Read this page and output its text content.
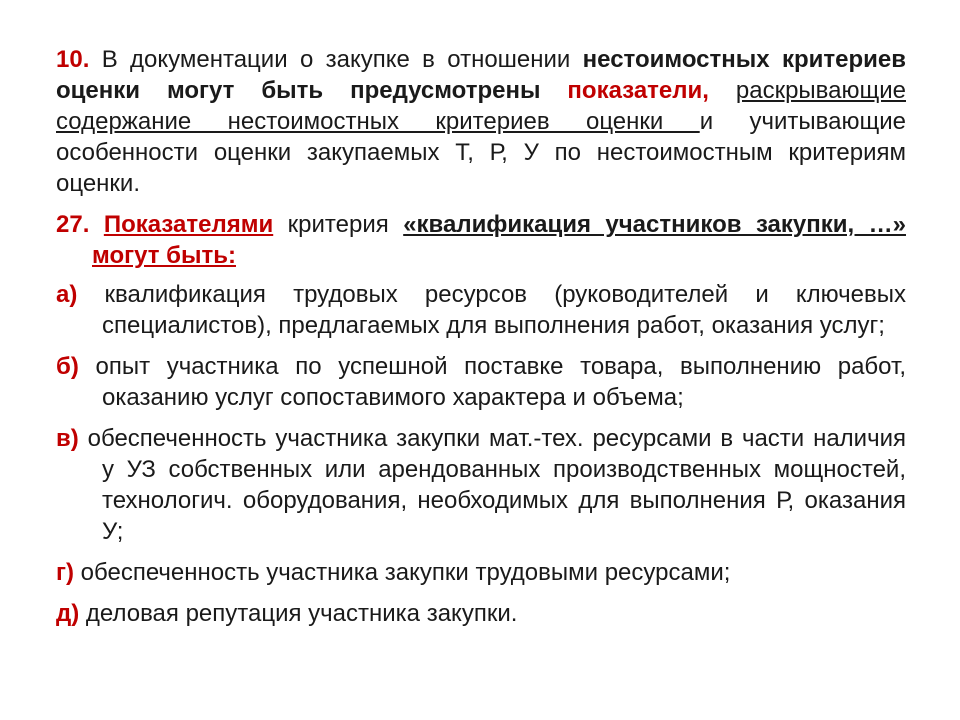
10. В документации о закупке в отношении нестоимостных критериев оценки могут быть предусмотрены показатели, раскрывающие содержание нестоимостных критериев оценки и учитывающие особенности оценки закупаемых Т, Р, У по нестоимостным критериям оценки.

27. Показателями критерия «квалификация участников закупки, …» могут быть:

а) квалификация трудовых ресурсов (руководителей и ключевых специалистов), предлагаемых для выполнения работ, оказания услуг;

б) опыт участника по успешной поставке товара, выполнению работ, оказанию услуг сопоставимого характера и объема;

в) обеспеченность участника закупки мат.-тех. ресурсами в части наличия у УЗ собственных или арендованных производственных мощностей, технологич. оборудования, необходимых для выполнения Р, оказания У;

г) обеспеченность участника закупки трудовыми ресурсами;

д) деловая репутация участника закупки.
